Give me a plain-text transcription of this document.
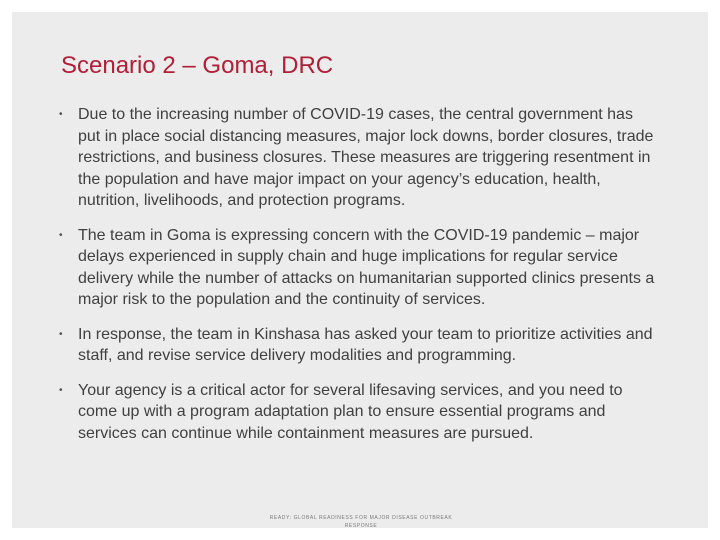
Scenario 2 – Goma, DRC
• Due to the increasing number of COVID-19 cases, the central government has put in place social distancing measures, major lock downs, border closures, trade restrictions, and business closures. These measures are triggering resentment in the population and have major impact on your agency’s education, health, nutrition, livelihoods, and protection programs.
• The team in Goma is expressing concern with the COVID-19 pandemic – major delays experienced in supply chain and huge implications for regular service delivery while the number of attacks on humanitarian supported clinics presents a major risk to the population and the continuity of services.
• In response, the team in Kinshasa has asked your team to prioritize activities and staff, and revise service delivery modalities and programming.
• Your agency is a critical actor for several lifesaving services, and you need to come up with a program adaptation plan to ensure essential programs and services can continue while containment measures are pursued.
READY: GLOBAL READINESS FOR MAJOR DISEASE OUTBREAK
RESPONSE
